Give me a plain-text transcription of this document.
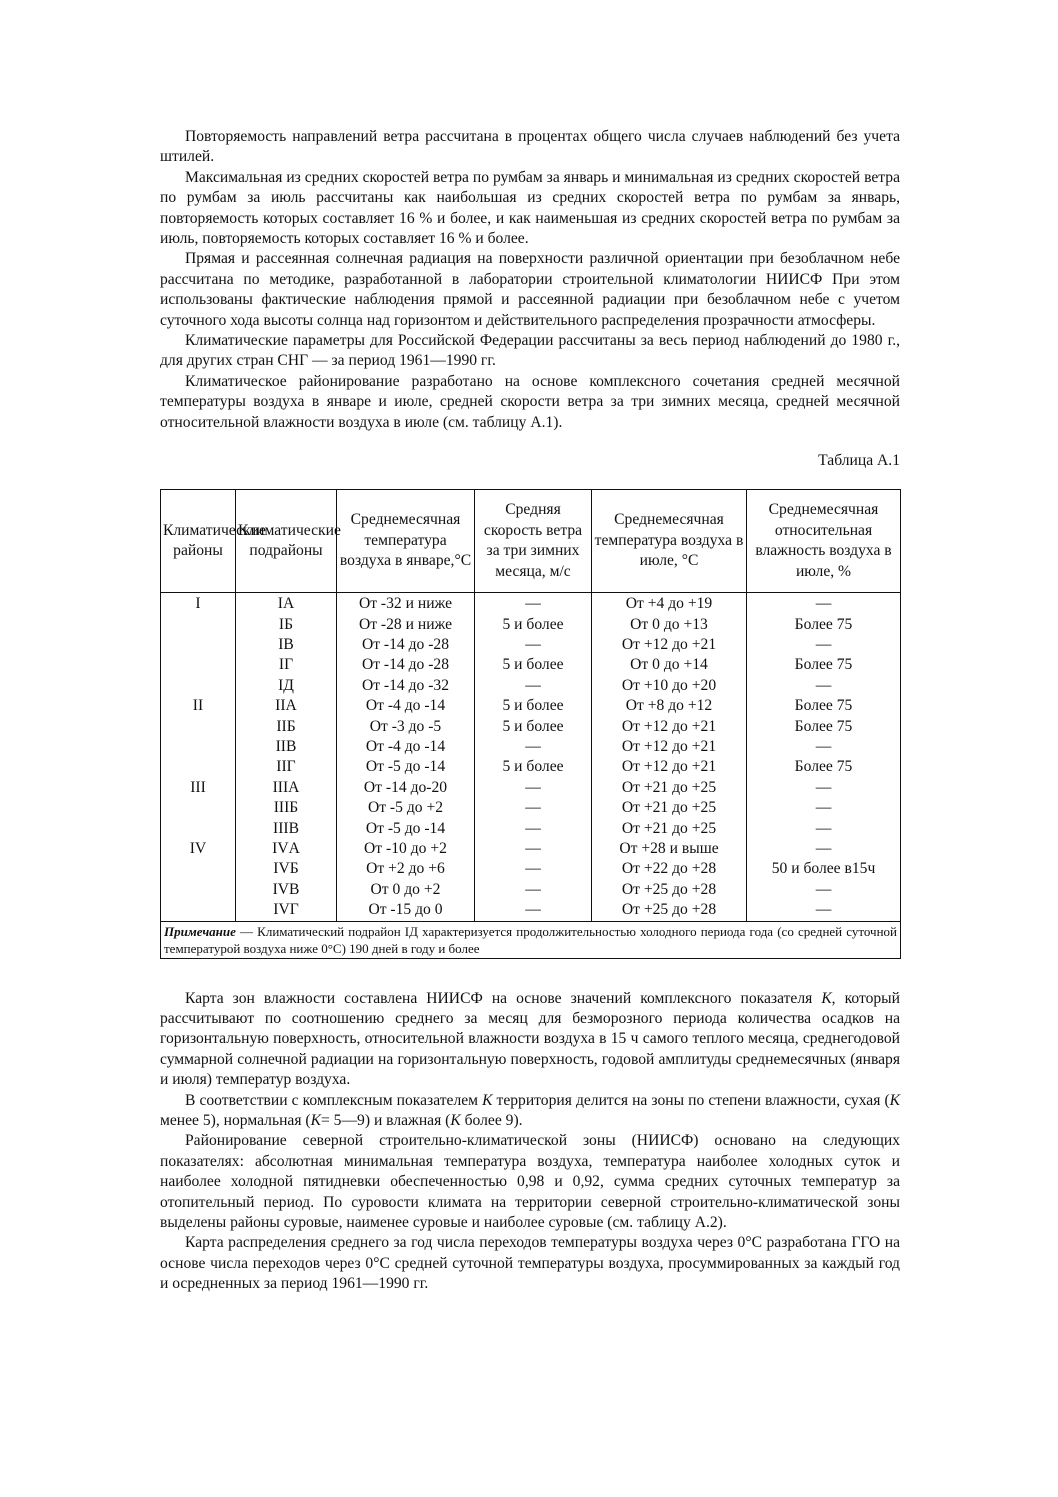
Повторяемость направлений ветра рассчитана в процентах общего числа случаев наблюдений без учета штилей.

Максимальная из средних скоростей ветра по румбам за январь и минимальная из средних скоростей ветра по румбам за июль рассчитаны как наибольшая из средних скоростей ветра по румбам за январь, повторяемость которых составляет 16 % и более, и как наименьшая из средних скоростей ветра по румбам за июль, повторяемость которых составляет 16 % и более.

Прямая и рассеянная солнечная радиация на поверхности различной ориентации при безоблачном небе рассчитана по методике, разработанной в лаборатории строительной климатологии НИИСФ При этом использованы фактические наблюдения прямой и рассеянной радиации при безоблачном небе с учетом суточного хода высоты солнца над горизонтом и действительного распределения прозрачности атмосферы.

Климатические параметры для Российской Федерации рассчитаны за весь период наблюдений до 1980 г., для других стран СНГ — за период 1961—1990 гг.

Климатическое районирование разработано на основе комплексного сочетания средней месячной температуры воздуха в январе и июле, средней скорости ветра за три зимних месяца, средней месячной относительной влажности воздуха в июле (см. таблицу А.1).

Таблица А.1
Климатические районы	Климатические подрайоны	Среднемесячная температура воздуха в январе,°С	Средняя скорость ветра за три зимних месяца, м/с	Среднемесячная температура воздуха в июле, °С	Среднемесячная относительная влажность воздуха в июле, %
I	IА	От -32 и ниже	—	От +4 до +19	—
	IБ	От -28 и ниже	5 и более	От 0 до +13	Более 75
	IВ	От -14 до -28	—	От +12 до +21	—
	IГ	От -14 до -28	5 и более	От 0 до +14	Более 75
	IД	От -14 до -32	—	От +10 до +20	—
II	IIА	От -4 до -14	5 и более	От +8 до +12	Более 75
	IIБ	От -3 до -5	5 и более	От +12 до +21	Более 75
	IIВ	От -4 до -14	—	От +12 до +21	—
	IIГ	От -5 до -14	5 и более	От +12 до +21	Более 75
III	IIIА	От -14 до-20	—	От +21 до +25	—
	IIIБ	От -5 до +2	—	От +21 до +25	—
	IIIВ	От -5 до -14	—	От +21 до +25	—
IV	IVА	От -10 до +2	—	От +28 и выше	—
	IVБ	От +2 до +6	—	От +22 до +28	50 и более в15ч
	IVВ	От 0 до +2	—	От +25 до +28	—
	IVГ	От -15 до 0	—	От +25 до +28	—
Примечание — Климатический подрайон IД характеризуется продолжительностью холодного периода года (со средней суточной температурой воздуха ниже 0°С) 190 дней в году и более					

Карта зон влажности составлена НИИСФ на основе значений комплексного показателя К, который рассчитывают по соотношению среднего за месяц для безморозного периода количества осадков на горизонтальную поверхность, относительной влажности воздуха в 15 ч самого теплого месяца, среднегодовой суммарной солнечной радиации на горизонтальную поверхность, годовой амплитуды среднемесячных (января и июля) температур воздуха.

В соответствии с комплексным показателем К территория делится на зоны по степени влажности, сухая (К менее 5), нормальная (К= 5—9) и влажная (К более 9).

Районирование северной строительно-климатической зоны (НИИСФ) основано на следующих показателях: абсолютная минимальная температура воздуха, температура наиболее холодных суток и наиболее холодной пятидневки обеспеченностью 0,98 и 0,92, сумма средних суточных температур за отопительный период. По суровости климата на территории северной строительно-климатической зоны выделены районы суровые, наименее суровые и наиболее суровые (см. таблицу А.2).

Карта распределения среднего за год числа переходов температуры воздуха через 0°С разработана ГГО на основе числа переходов через 0°С средней суточной температуры воздуха, просуммированных за каждый год и осредненных за период 1961—1990 гг.
